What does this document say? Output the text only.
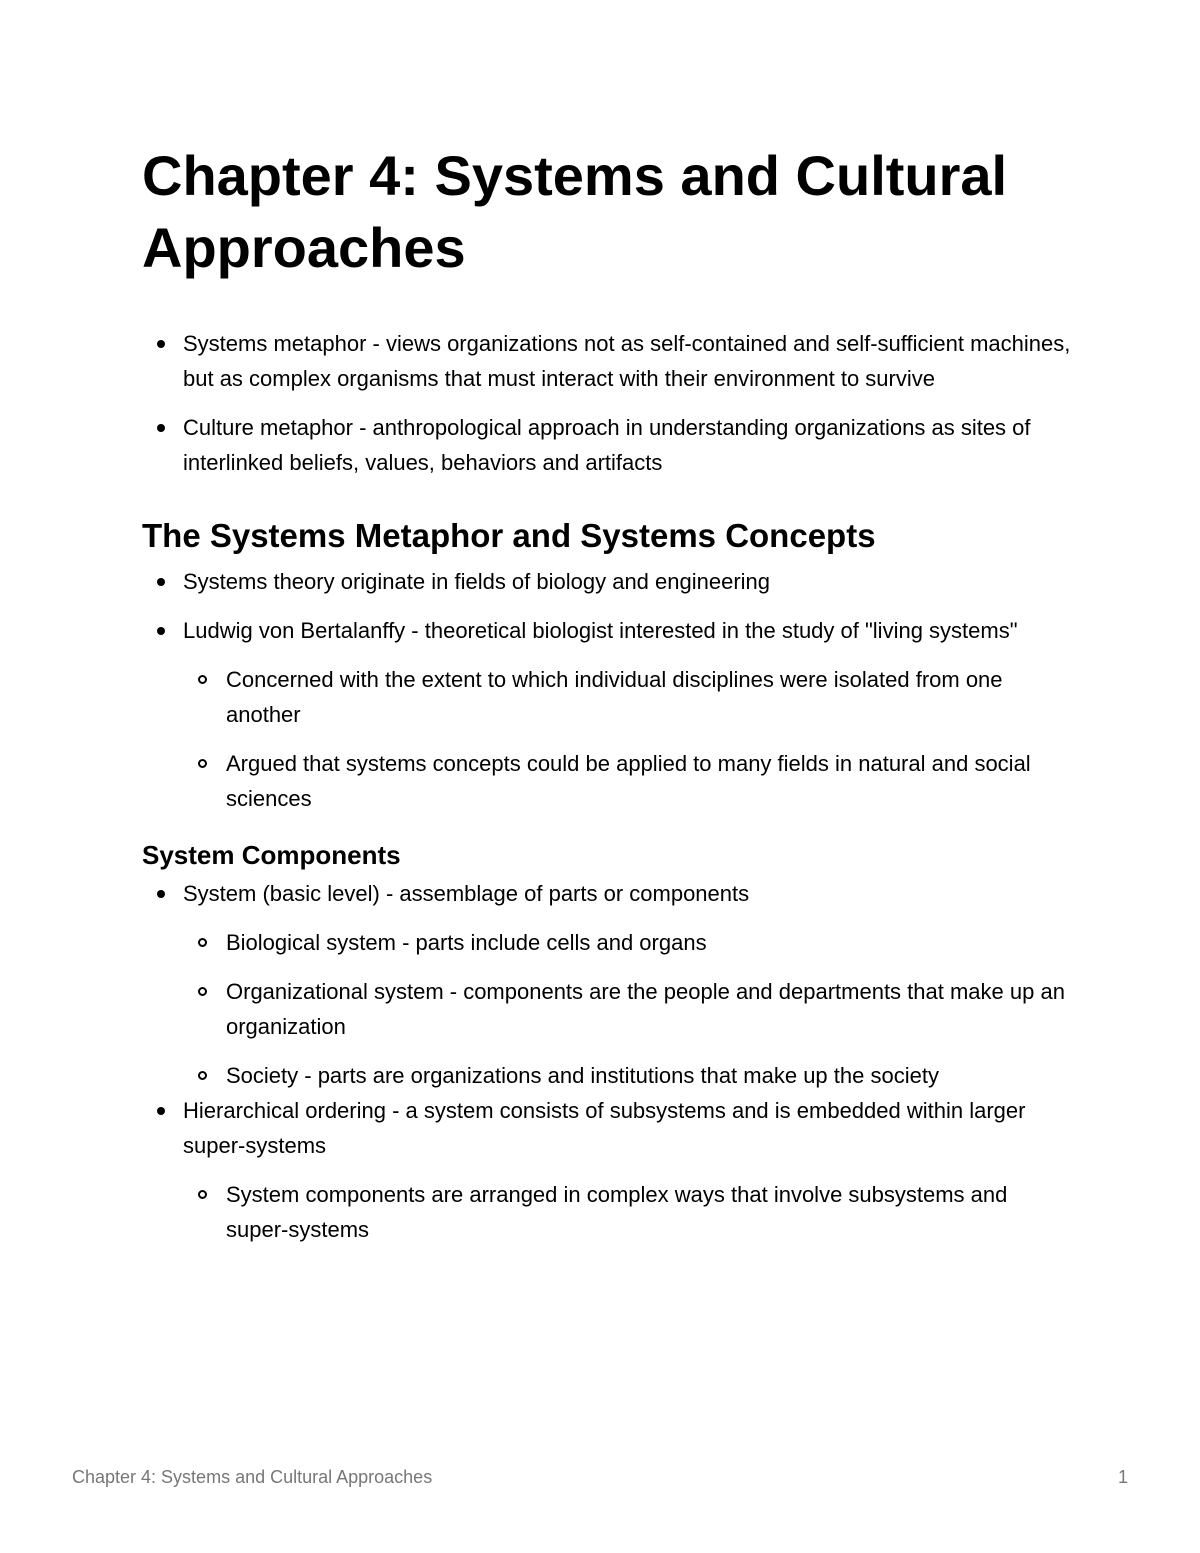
Chapter 4: Systems and Cultural Approaches
Systems metaphor - views organizations not as self-contained and self-sufficient machines, but as complex organisms that must interact with their environment to survive
Culture metaphor - anthropological approach in understanding organizations as sites of interlinked beliefs, values, behaviors and artifacts
The Systems Metaphor and Systems Concepts
Systems theory originate in fields of biology and engineering
Ludwig von Bertalanffy - theoretical biologist interested in the study of "living systems"
Concerned with the extent to which individual disciplines were isolated from one another
Argued that systems concepts could be applied to many fields in natural and social sciences
System Components
System (basic level) - assemblage of parts or components
Biological system - parts include cells and organs
Organizational system - components are the people and departments that make up an organization
Society - parts are organizations and institutions that make up the society
Hierarchical ordering - a system consists of subsystems and is embedded within larger super-systems
System components are arranged in complex ways that involve subsystems and super-systems
Chapter 4: Systems and Cultural Approaches	1
